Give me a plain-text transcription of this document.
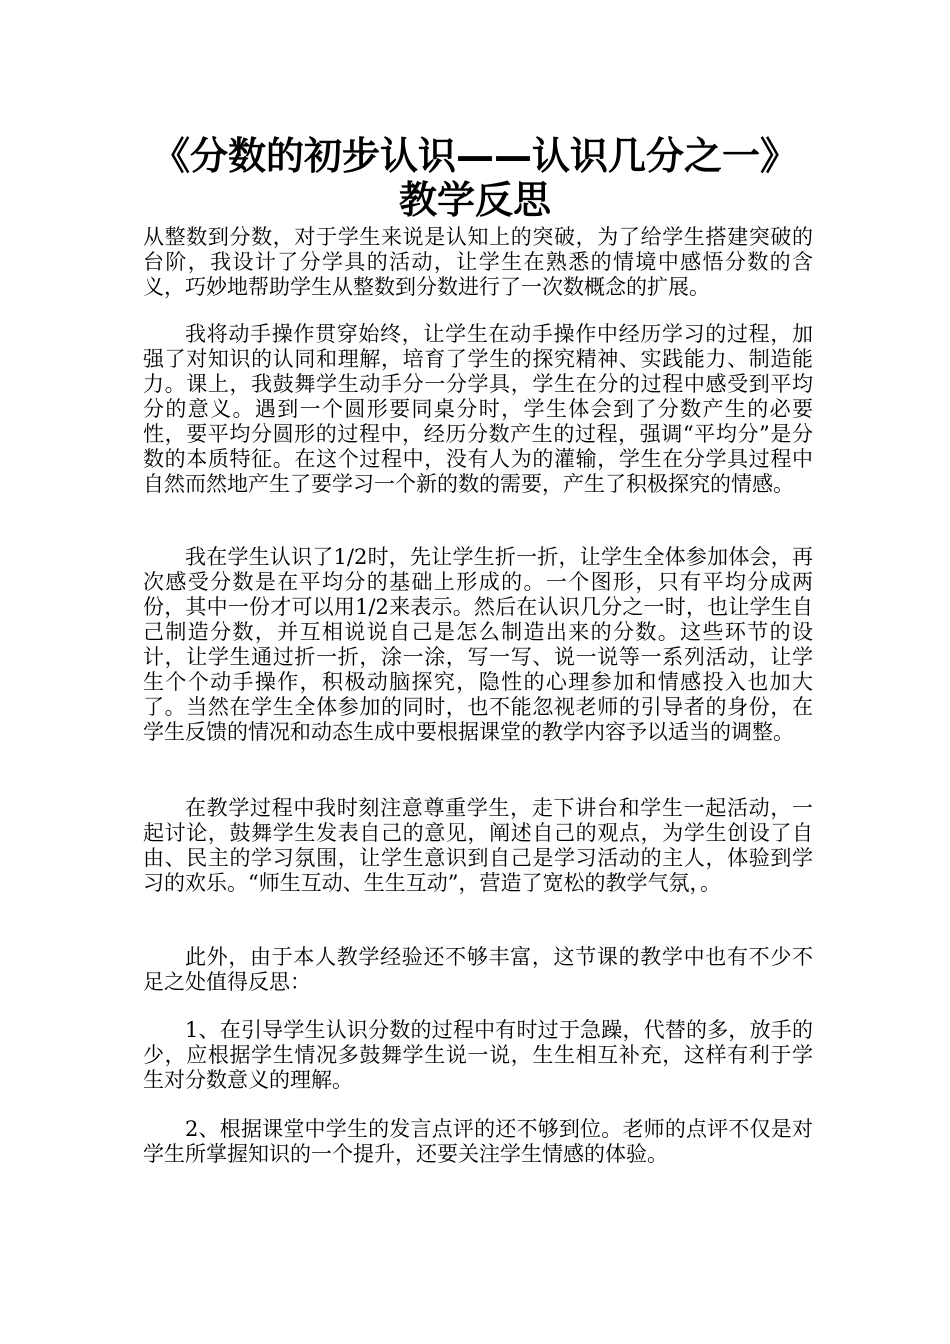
《分数的初步认识——认识几分之一》
教学反思

从整数到分数，对于学生来说是认知上的突破，为了给学生搭建突破的台阶，我设计了分学具的活动，让学生在熟悉的情境中感悟分数的含义，巧妙地帮助学生从整数到分数进行了一次数概念的扩展。

我将动手操作贯穿始终，让学生在动手操作中经历学习的过程，加强了对知识的认同和理解，培育了学生的探究精神、实践能力、制造能力。课上，我鼓舞学生动手分一分学具，学生在分的过程中感受到平均分的意义。遇到一个圆形要同桌分时，学生体会到了分数产生的必要性，要平均分圆形的过程中，经历分数产生的过程，强调“平均分”是分数的本质特征。在这个过程中，没有人为的灌输，学生在分学具过程中自然而然地产生了要学习一个新的数的需要，产生了积极探究的情感。

我在学生认识了1/2时，先让学生折一折，让学生全体参加体会，再次感受分数是在平均分的基础上形成的。一个图形，只有平均分成两份，其中一份才可以用1/2来表示。然后在认识几分之一时，也让学生自己制造分数，并互相说说自己是怎么制造出来的分数。这些环节的设计，让学生通过折一折，涂一涂，写一写、说一说等一系列活动，让学生个个动手操作，积极动脑探究，隐性的心理参加和情感投入也加大了。当然在学生全体参加的同时，也不能忽视老师的引导者的身份，在学生反馈的情况和动态生成中要根据课堂的教学内容予以适当的调整。

在教学过程中我时刻注意尊重学生，走下讲台和学生一起活动，一起讨论，鼓舞学生发表自己的意见，阐述自己的观点，为学生创设了自由、民主的学习氛围，让学生意识到自己是学习活动的主人，体验到学习的欢乐。“师生互动、生生互动”，营造了宽松的教学气氛，。

此外，由于本人教学经验还不够丰富，这节课的教学中也有不少不足之处值得反思：

1、在引导学生认识分数的过程中有时过于急躁，代替的多，放手的少，应根据学生情况多鼓舞学生说一说，生生相互补充，这样有利于学生对分数意义的理解。

2、根据课堂中学生的发言点评的还不够到位。老师的点评不仅是对学生所掌握知识的一个提升，还要关注学生情感的体验。
